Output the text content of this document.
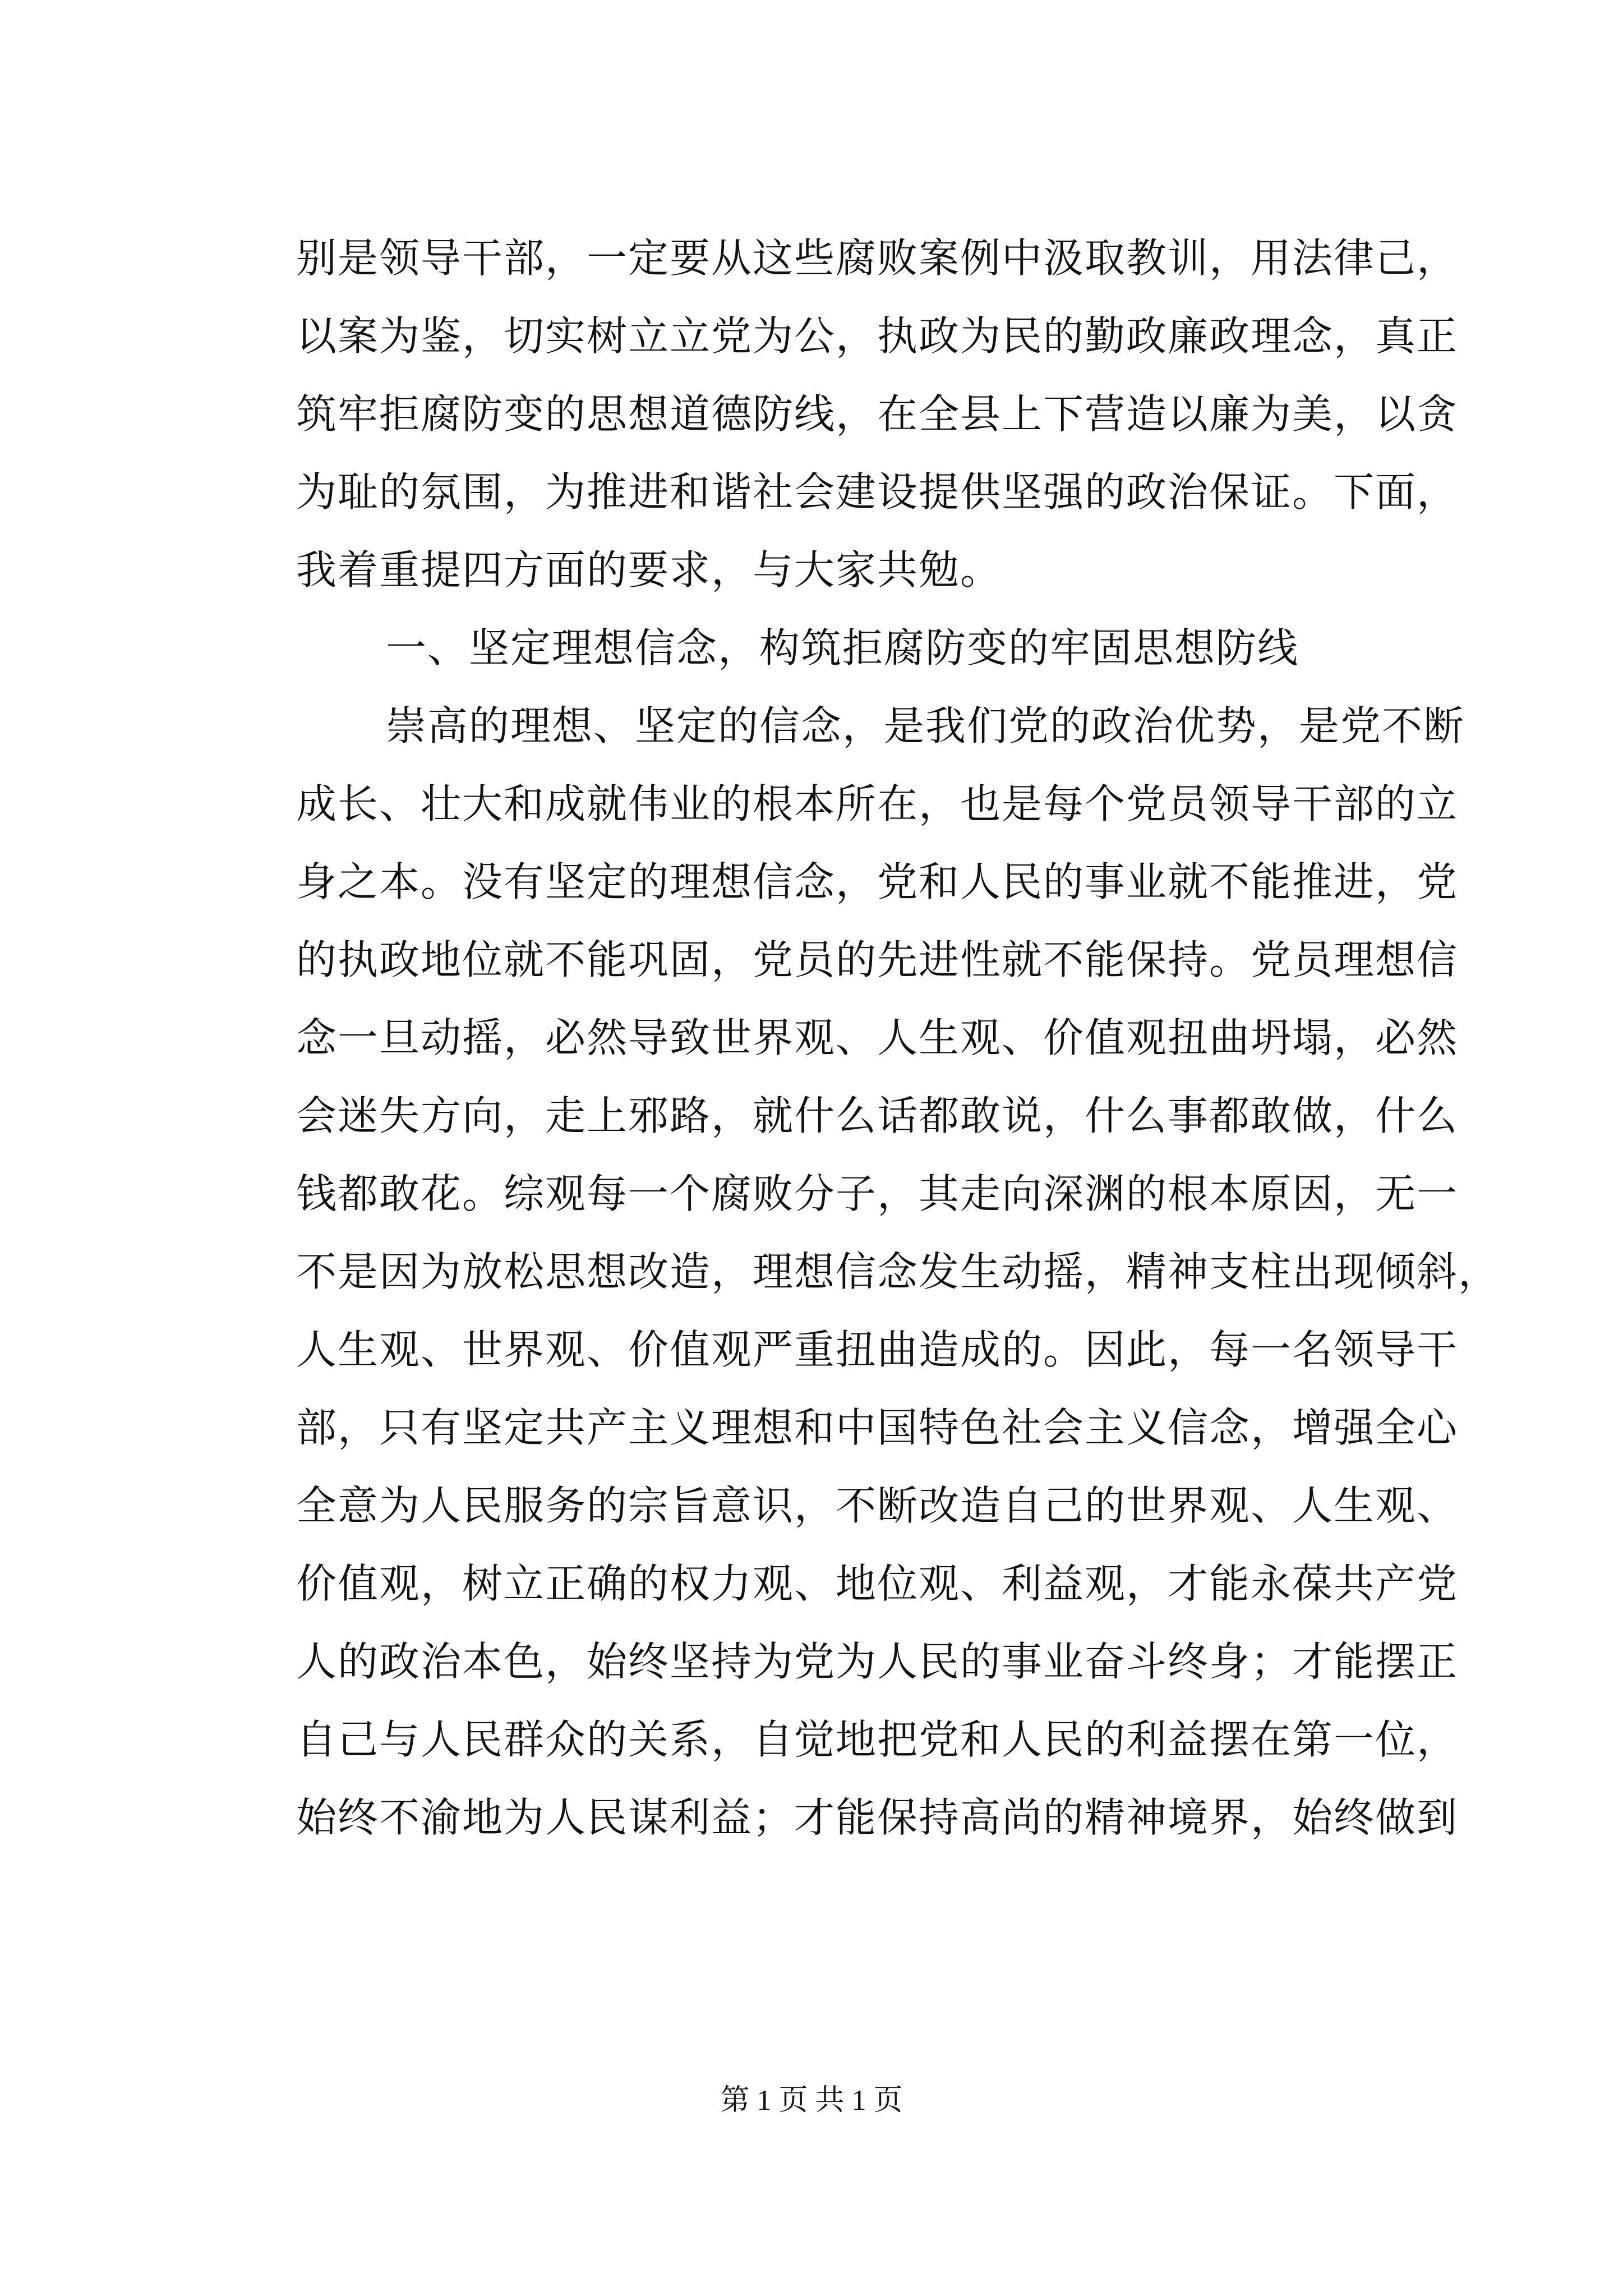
别是领导干部，一定要从这些腐败案例中汲取教训，用法律己，
以案为鉴，切实树立立党为公，执政为民的勤政廉政理念，真正
筑牢拒腐防变的思想道德防线，在全县上下营造以廉为美，以贪
为耻的氛围，为推进和谐社会建设提供坚强的政治保证。下面，
我着重提四方面的要求，与大家共勉。
一、坚定理想信念，构筑拒腐防变的牢固思想防线
崇高的理想、坚定的信念，是我们党的政治优势，是党不断
成长、壮大和成就伟业的根本所在，也是每个党员领导干部的立
身之本。没有坚定的理想信念，党和人民的事业就不能推进，党
的执政地位就不能巩固，党员的先进性就不能保持。党员理想信
念一旦动摇，必然导致世界观、人生观、价值观扭曲坍塌，必然
会迷失方向，走上邪路，就什么话都敢说，什么事都敢做，什么
钱都敢花。综观每一个腐败分子，其走向深渊的根本原因，无一
不是因为放松思想改造，理想信念发生动摇，精神支柱出现倾斜，
人生观、世界观、价值观严重扭曲造成的。因此，每一名领导干
部，只有坚定共产主义理想和中国特色社会主义信念，增强全心
全意为人民服务的宗旨意识，不断改造自己的世界观、人生观、
价值观，树立正确的权力观、地位观、利益观，才能永葆共产党
人的政治本色，始终坚持为党为人民的事业奋斗终身；才能摆正
自己与人民群众的关系，自觉地把党和人民的利益摆在第一位，
始终不渝地为人民谋利益；才能保持高尚的精神境界，始终做到
第 1 页 共 1 页
